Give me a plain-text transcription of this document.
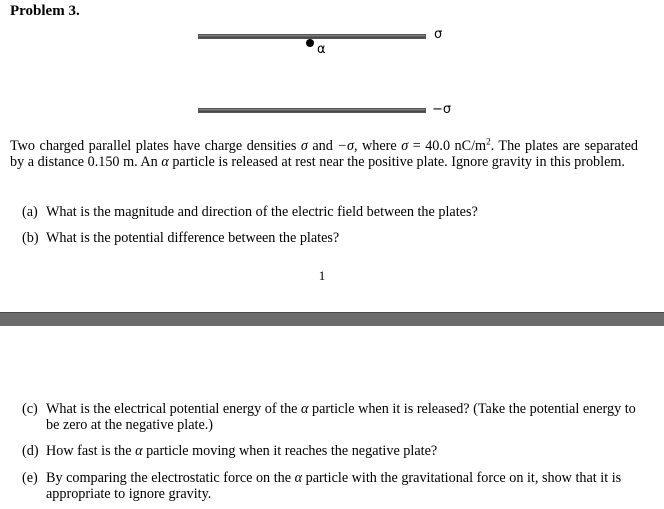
Problem 3.
σ
α
−σ
Two charged parallel plates have charge densities σ and −σ, where σ = 40.0 $nC/m^2$. The plates are separated by a distance 0.150 m. An α particle is released at rest near the positive plate. Ignore gravity in this problem.
(a) What is the magnitude and direction of the electric field between the plates?
(b) What is the potential difference between the plates?
1
(c) What is the electrical potential energy of the α particle when it is released? (Take the potential energy to be zero at the negative plate.)
(d) How fast is the α particle moving when it reaches the negative plate?
(e) By comparing the electrostatic force on the α particle with the gravitational force on it, show that it is appropriate to ignore gravity.
